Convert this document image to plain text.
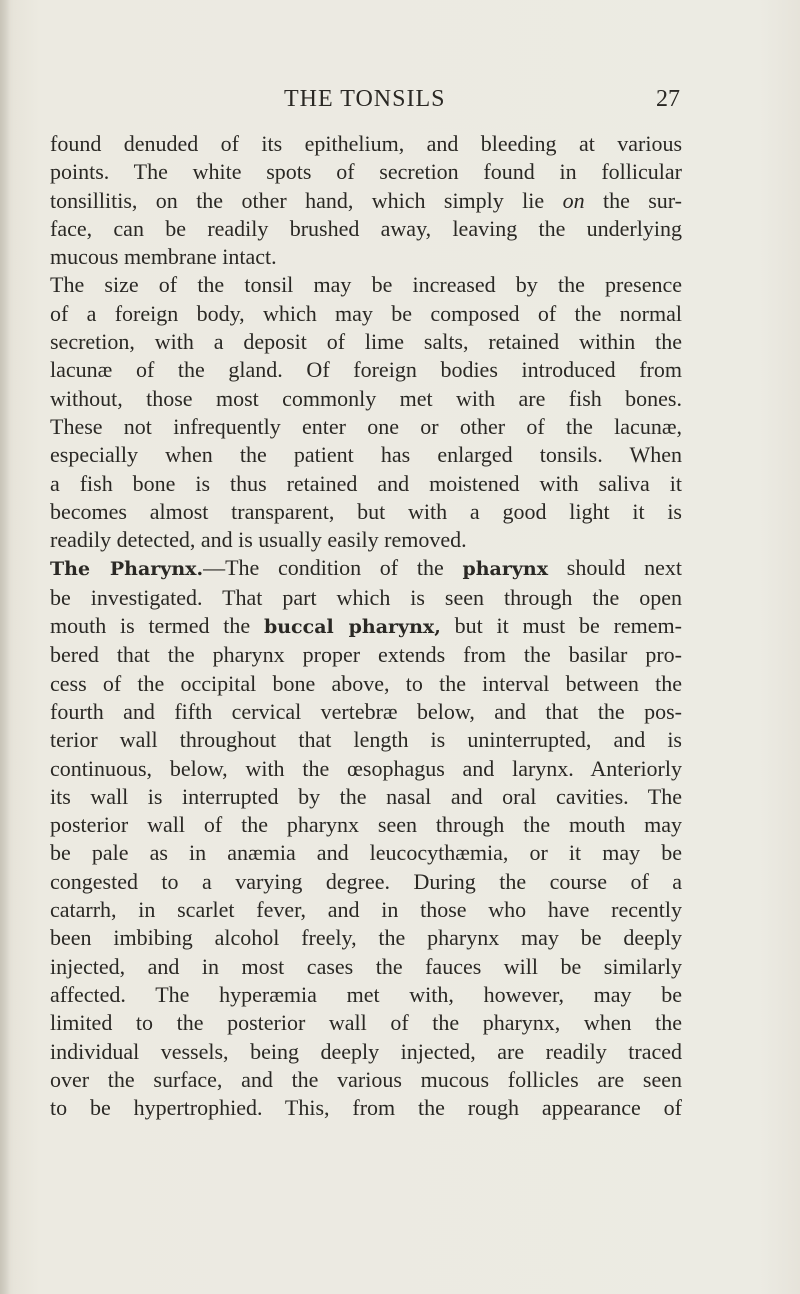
THE TONSILS	27

found denuded of its epithelium, and bleeding at various
points. The white spots of secretion found in follicular
tonsillitis, on the other hand, which simply lie on the sur-
face, can be readily brushed away, leaving the underlying
mucous membrane intact.

The size of the tonsil may be increased by the presence
of a foreign body, which may be composed of the normal
secretion, with a deposit of lime salts, retained within the
lacunæ of the gland. Of foreign bodies introduced from
without, those most commonly met with are fish bones.
These not infrequently enter one or other of the lacunæ,
especially when the patient has enlarged tonsils. When
a fish bone is thus retained and moistened with saliva it
becomes almost transparent, but with a good light it is
readily detected, and is usually easily removed.

The Pharynx.—The condition of the pharynx should next
be investigated. That part which is seen through the open
mouth is termed the buccal pharynx, but it must be remem-
bered that the pharynx proper extends from the basilar pro-
cess of the occipital bone above, to the interval between the
fourth and fifth cervical vertebræ below, and that the pos-
terior wall throughout that length is uninterrupted, and is
continuous, below, with the œsophagus and larynx. Anteriorly
its wall is interrupted by the nasal and oral cavities. The
posterior wall of the pharynx seen through the mouth may
be pale as in anæmia and leucocythæmia, or it may be
congested to a varying degree. During the course of a
catarrh, in scarlet fever, and in those who have recently
been imbibing alcohol freely, the pharynx may be deeply
injected, and in most cases the fauces will be similarly
affected. The hyperæmia met with, however, may be
limited to the posterior wall of the pharynx, when the
individual vessels, being deeply injected, are readily traced
over the surface, and the various mucous follicles are seen
to be hypertrophied. This, from the rough appearance of
